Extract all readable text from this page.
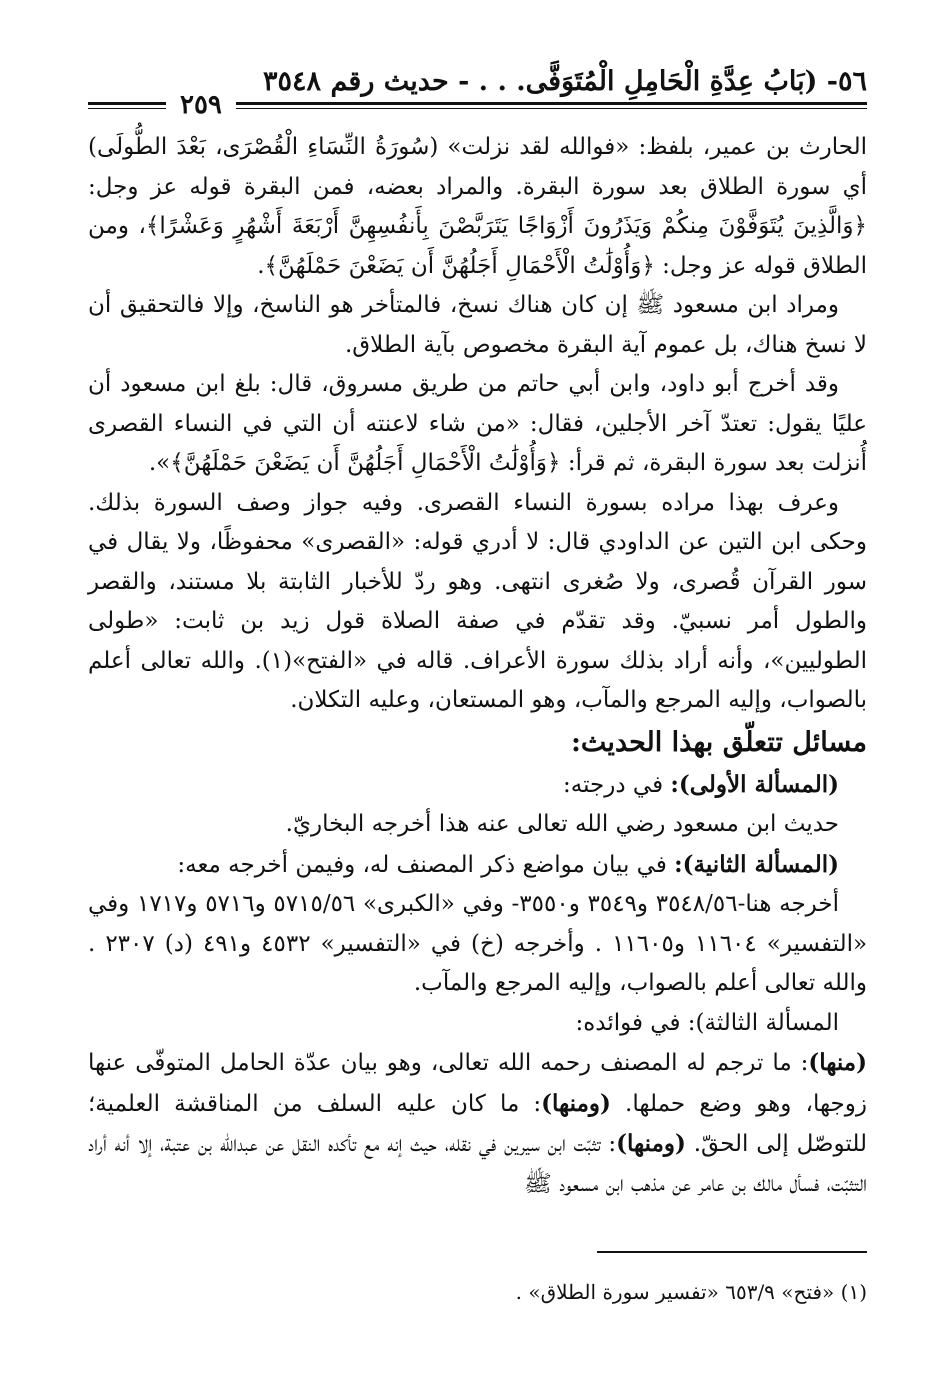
٥٦- (بَابُ عِدَّةِ الْحَامِلِ الْمُتَوَفَّى. . . - حديث رقم ٣٥٤٨
٢٥٩

الحارث بن عمير، بلفظ: «فوالله لقد نزلت» (سُورَةُ النِّسَاءِ الْقُصْرَى، بَعْدَ الطُّولَى) أي سورة الطلاق بعد سورة البقرة. والمراد بعضه، فمن البقرة قوله عز وجل: ﴿وَالَّذِينَ يُتَوَفَّوْنَ مِنكُمْ وَيَذَرُونَ أَزْوَاجًا يَتَرَبَّصْنَ بِأَنفُسِهِنَّ أَرْبَعَةَ أَشْهُرٍ وَعَشْرًا﴾، ومن الطلاق قوله عز وجل: ﴿وَأُوْلَٰتُ الْأَحْمَالِ أَجَلُهُنَّ أَن يَضَعْنَ حَمْلَهُنَّ﴾.

ومراد ابن مسعود ﷺ إن كان هناك نسخ، فالمتأخر هو الناسخ، وإلا فالتحقيق أن لا نسخ هناك، بل عموم آية البقرة مخصوص بآية الطلاق.

وقد أخرج أبو داود، وابن أبي حاتم من طريق مسروق، قال: بلغ ابن مسعود أن عليًا يقول: تعتدّ آخر الأجلين، فقال: «من شاء لاعنته أن التي في النساء القصرى أُنزلت بعد سورة البقرة، ثم قرأ: ﴿وَأُوْلَٰتُ الْأَحْمَالِ أَجَلُهُنَّ أَن يَضَعْنَ حَمْلَهُنَّ﴾».

وعرف بهذا مراده بسورة النساء القصرى. وفيه جواز وصف السورة بذلك. وحكى ابن التين عن الداودي قال: لا أدري قوله: «القصرى» محفوظًا، ولا يقال في سور القرآن قُصرى، ولا صُغرى انتهى. وهو ردّ للأخبار الثابتة بلا مستند، والقصر والطول أمر نسبيّ. وقد تقدّم في صفة الصلاة قول زيد بن ثابت: «طولى الطوليين»، وأنه أراد بذلك سورة الأعراف. قاله في «الفتح»(١). والله تعالى أعلم بالصواب، وإليه المرجع والمآب، وهو المستعان، وعليه التكلان.

مسائل تتعلّق بهذا الحديث:

(المسألة الأولى): في درجته:

حديث ابن مسعود رضي الله تعالى عنه هذا أخرجه البخاريّ.

(المسألة الثانية): في بيان مواضع ذكر المصنف له، وفيمن أخرجه معه:

أخرجه هنا-٣٥٤٨/٥٦ و٣٥٤٩ و٣٥٥٠- وفي «الكبرى» ٥٧١٥/٥٦ و٥٧١٦ و١٧١٧ وفي «التفسير» ١١٦٠٤ و١١٦٠٥ . وأخرجه (خ) في «التفسير» ٤٥٣٢ و٤٩١ (د) ٢٣٠٧ . والله تعالى أعلم بالصواب، وإليه المرجع والمآب.

المسألة الثالثة): في فوائده:

(منها): ما ترجم له المصنف رحمه الله تعالى، وهو بيان عدّة الحامل المتوفّى عنها زوجها، وهو وضع حملها. (ومنها): ما كان عليه السلف من المناقشة العلمية؛ للتوصّل إلى الحقّ. (ومنها): تثبّت ابن سيرين في نقله، حيث إنه مع تأكده النقل عن عبدالله بن عتبة، إلا أنه أراد التثبّت، فسأل مالك بن عامر عن مذهب ابن مسعود ﷺ

(١) «فتح» ٦٥٣/٩ «تفسير سورة الطلاق» .
